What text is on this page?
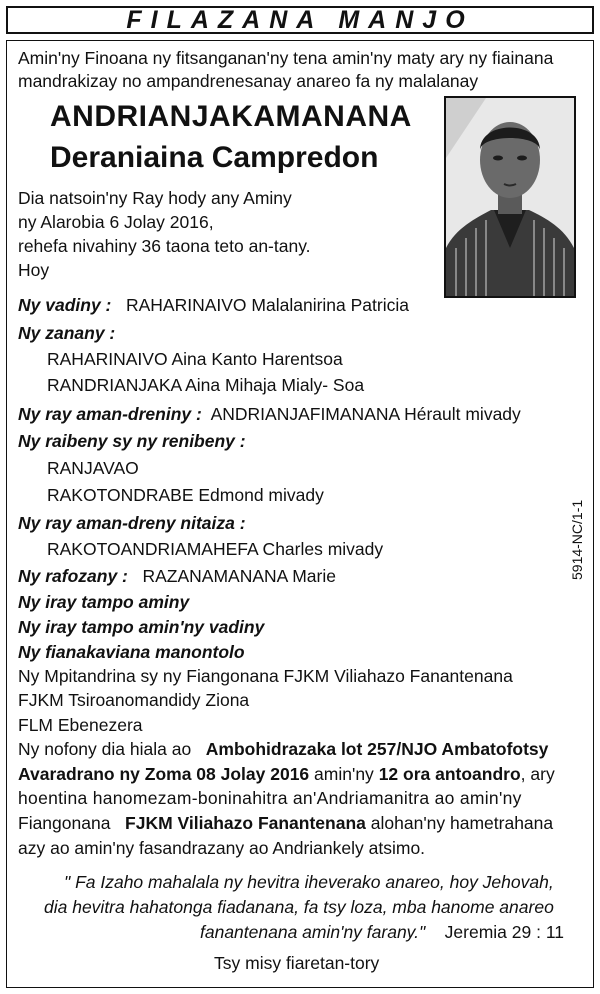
FILAZANA MANJO
Amin'ny Finoana ny fitsanganan'ny tena amin'ny maty ary ny fiainana
mandrakizay no ampandrenesanay anareo fa ny malalanay
ANDRIANJAKAMANANA
Deraniaina Campredon
Dia natsoin'ny Ray hody any Aminy
ny Alarobia 6 Jolay 2016,
rehefa nivahiny 36 taona teto an-tany.
Hoy
Ny vadiny : RAHARINAIVO Malalanirina Patricia
Ny zanany :
RAHARINAIVO Aina Kanto Harentsoa
RANDRIANJAKA Aina Mihaja Mialy- Soa
Ny ray aman-dreniny : ANDRIANJAFIMANANA Hérault mivady
Ny raibeny sy ny renibeny :
RANJAVAO
RAKOTONDRABE Edmond mivady
Ny ray aman-dreny nitaiza :
RAKOTOANDRIAMAHEFA Charles mivady
Ny rafozany : RAZANAMANANA Marie
Ny iray tampo aminy
Ny iray tampo amin'ny vadiny
Ny fianakaviana manontolo
Ny Mpitandrina sy ny Fiangonana FJKM Viliahazo Fanantenana
FJKM Tsiroanomandidy Ziona
FLM Ebenezera
Ny nofony dia hiala ao Ambohidrazaka lot 257/NJO Ambatofotsy
Avaradrano ny Zoma 08 Jolay 2016 amin'ny 12 ora antoandro, ary
hoentina hanomezam-boninahitra an'Andriamanitra ao amin'ny
Fiangonana FJKM Viliahazo Fanantenana alohan'ny hametrahana
azy ao amin'ny fasandrazany ao Andriankely atsimo.
" Fa Izaho mahalala ny hevitra iheverako anareo, hoy Jehovah,
dia hevitra hahatonga fiadanana, fa tsy loza, mba hanome anareo
fanantenana amin'ny farany." Jeremia 29 : 11
Tsy misy fiaretan-tory
5914-NC/1-1
